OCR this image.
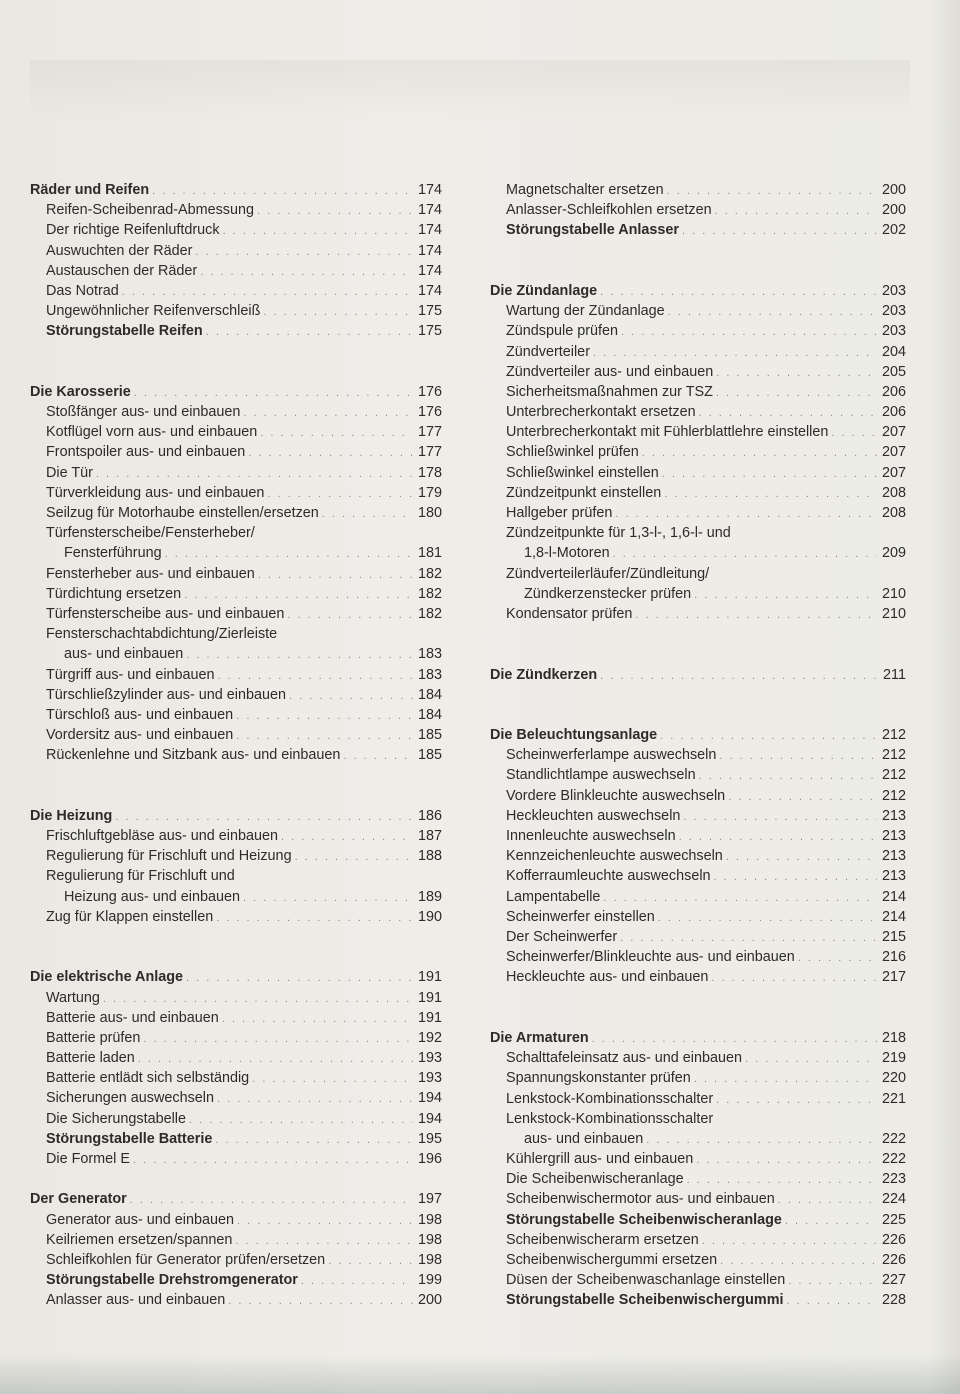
Räder und Reifen . . .	174
Reifen-Scheibenrad-Abmessung . . .	174
Der richtige Reifenluftdruck . . .	174
Auswuchten der Räder . . .	174
Austauschen der Räder . . .	174
Das Notrad . . .	174
Ungewöhnlicher Reifenverschleiß . . .	175
Störungstabelle Reifen . . .	175
Die Karosserie . . .	176
Stoßfänger aus- und einbauen . . .	176
Kotflügel vorn aus- und einbauen . . .	177
Frontspoiler aus- und einbauen . . .	177
Die Tür . . .	178
Türverkleidung aus- und einbauen . . .	179
Seilzug für Motorhaube einstellen/ersetzen . . .	180
Türfensterscheibe/Fensterheber/
Fensterführung . . .	181
Fensterheber aus- und einbauen . . .	182
Türdichtung ersetzen . . .	182
Türfensterscheibe aus- und einbauen . . .	182
Fensterschachtabdichtung/Zierleiste
aus- und einbauen . . .	183
Türgriff aus- und einbauen . . .	183
Türschließzylinder aus- und einbauen . . .	184
Türschloß aus- und einbauen . . .	184
Vordersitz aus- und einbauen . . .	185
Rückenlehne und Sitzbank aus- und einbauen . . .	185
Die Heizung . . .	186
Frischluftgebläse aus- und einbauen . . .	187
Regulierung für Frischluft und Heizung . . .	188
Regulierung für Frischluft und
Heizung aus- und einbauen . . .	189
Zug für Klappen einstellen . . .	190
Die elektrische Anlage . . .	191
Wartung . . .	191
Batterie aus- und einbauen . . .	191
Batterie prüfen . . .	192
Batterie laden . . .	193
Batterie entlädt sich selbständig . . .	193
Sicherungen auswechseln . . .	194
Die Sicherungstabelle . . .	194
Störungstabelle Batterie . . .	195
Die Formel E . . .	196
Der Generator . . .	197
Generator aus- und einbauen . . .	198
Keilriemen ersetzen/spannen . . .	198
Schleifkohlen für Generator prüfen/ersetzen . . .	198
Störungstabelle Drehstromgenerator . . .	199
Anlasser aus- und einbauen . . .	200
Magnetschalter ersetzen . . .	200
Anlasser-Schleifkohlen ersetzen . . .	200
Störungstabelle Anlasser . . .	202
Die Zündanlage . . .	203
Wartung der Zündanlage . . .	203
Zündspule prüfen . . .	203
Zündverteiler . . .	204
Zündverteiler aus- und einbauen . . .	205
Sicherheitsmaßnahmen zur TSZ . . .	206
Unterbrecherkontakt ersetzen . . .	206
Unterbrecherkontakt mit Fühlerblattlehre einstellen . . .	207
Schließwinkel prüfen . . .	207
Schließwinkel einstellen . . .	207
Zündzeitpunkt einstellen . . .	208
Hallgeber prüfen . . .	208
Zündzeitpunkte für 1,3-l-, 1,6-l- und
1,8-l-Motoren . . .	209
Zündverteilerläufer/Zündleitung/
Zündkerzenstecker prüfen . . .	210
Kondensator prüfen . . .	210
Die Zündkerzen . . .	211
Die Beleuchtungsanlage . . .	212
Scheinwerferlampe auswechseln . . .	212
Standlichtlampe auswechseln . . .	212
Vordere Blinkleuchte auswechseln . . .	212
Heckleuchten auswechseln . . .	213
Innenleuchte auswechseln . . .	213
Kennzeichenleuchte auswechseln . . .	213
Kofferraumleuchte auswechseln . . .	213
Lampentabelle . . .	214
Scheinwerfer einstellen . . .	214
Der Scheinwerfer . . .	215
Scheinwerfer/Blinkleuchte aus- und einbauen . . .	216
Heckleuchte aus- und einbauen . . .	217
Die Armaturen . . .	218
Schalttafeleinsatz aus- und einbauen . . .	219
Spannungskonstanter prüfen . . .	220
Lenkstock-Kombinationsschalter . . .	221
Lenkstock-Kombinationsschalter
aus- und einbauen . . .	222
Kühlergrill aus- und einbauen . . .	222
Die Scheibenwischeranlage . . .	223
Scheibenwischermotor aus- und einbauen . . .	224
Störungstabelle Scheibenwischeranlage . . .	225
Scheibenwischerarm ersetzen . . .	226
Scheibenwischergummi ersetzen . . .	226
Düsen der Scheibenwaschanlage einstellen . . .	227
Störungstabelle Scheibenwischergummi . . .	228
